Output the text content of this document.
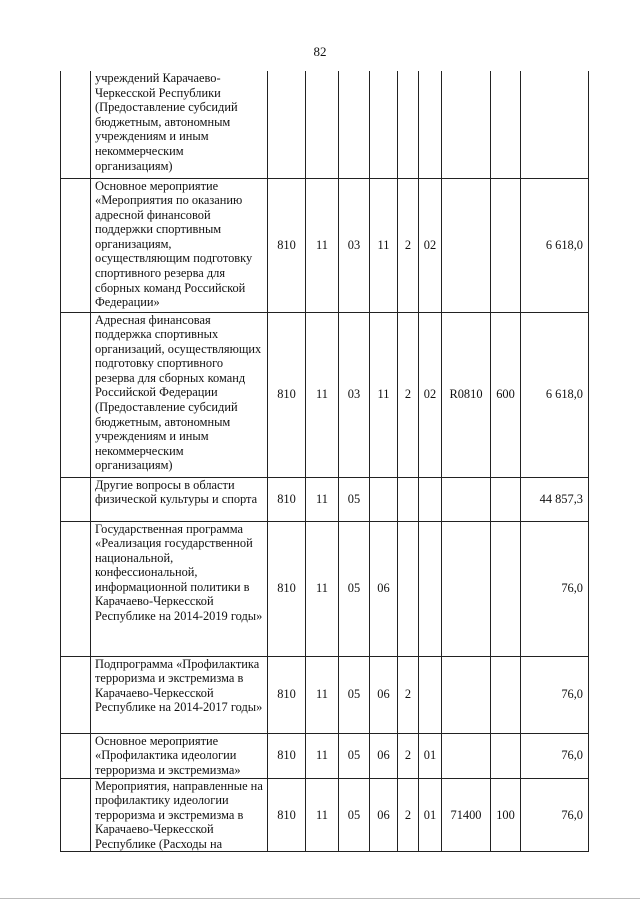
82
	учреждений Карачаево-Черкесской Республики (Предоставление субсидий бюджетным, автономным учреждениям и иным некоммерческим организациям)									
	Основное мероприятие «Мероприятия по оказанию адресной финансовой поддержки спортивным организациям, осуществляющим подготовку спортивного резерва для сборных команд Российской Федерации»	810	11	03	11	2	02			6 618,0
	Адресная финансовая поддержка спортивных организаций, осуществляющих подготовку спортивного резерва для сборных команд Российской Федерации (Предоставление субсидий бюджетным, автономным учреждениям и иным некоммерческим организациям)	810	11	03	11	2	02	R0810	600	6 618,0
	Другие вопросы в области физической культуры и спорта	810	11	05						44 857,3
	Государственная программа «Реализация государственной национальной, конфессиональной, информационной политики в Карачаево-Черкесской Республике на 2014-2019 годы»	810	11	05	06					76,0
	Подпрограмма «Профилактика терроризма и экстремизма в Карачаево-Черкесской Республике на 2014-2017 годы»	810	11	05	06	2				76,0
	Основное мероприятие «Профилактика идеологии терроризма и экстремизма»	810	11	05	06	2	01			76,0
	Мероприятия, направленные на профилактику идеологии терроризма и экстремизма в Карачаево-Черкесской Республике (Расходы на	810	11	05	06	2	01	71400	100	76,0
